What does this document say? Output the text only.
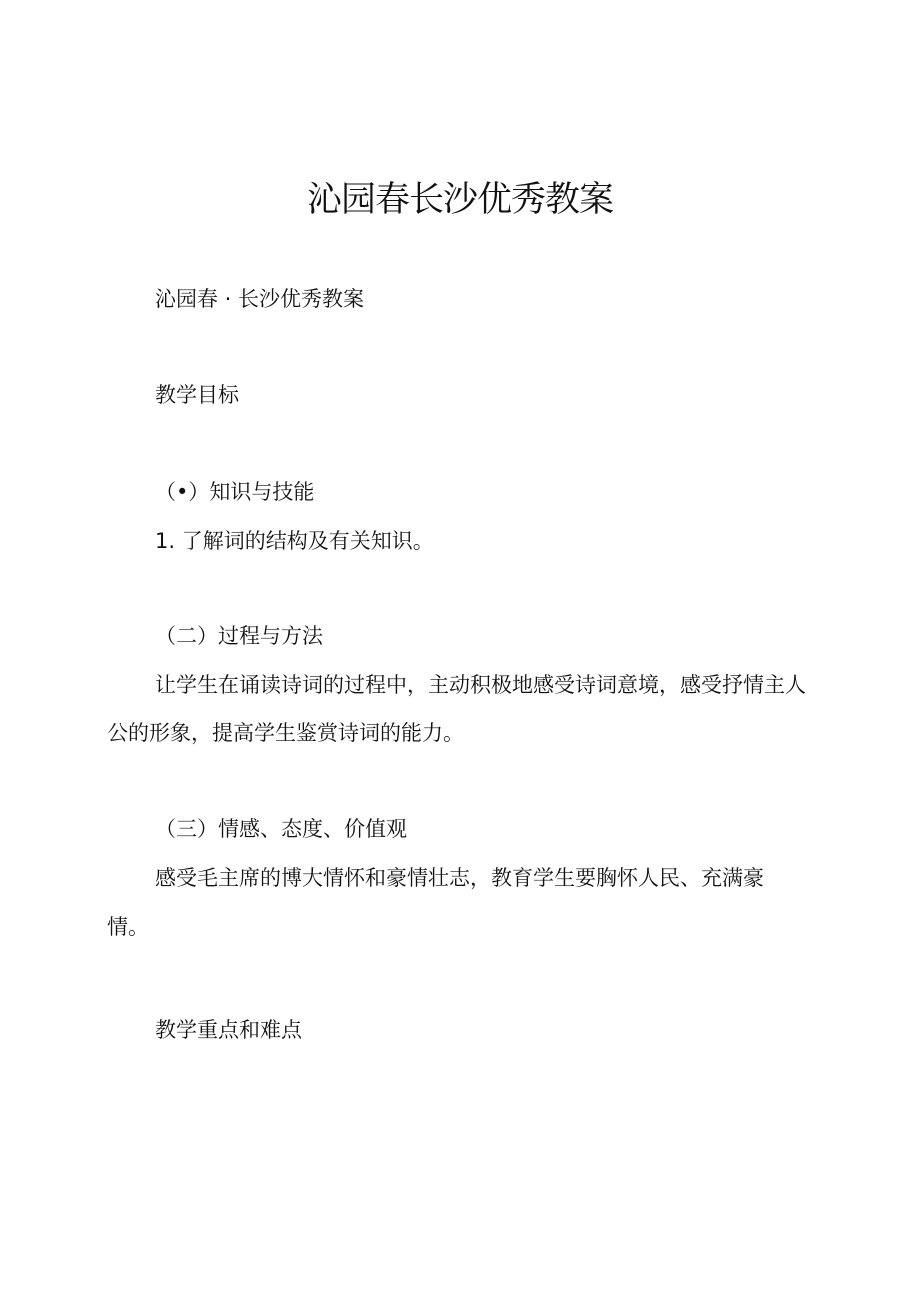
沁园春长沙优秀教案
沁园春 · 长沙优秀教案
教学目标
（•）知识与技能
1. 了解词的结构及有关知识。
（二）过程与方法
让学生在诵读诗词的过程中，主动积极地感受诗词意境，感受抒情主人
公的形象，提高学生鉴赏诗词的能力。
（三）情感、态度、价值观
感受毛主席的博大情怀和豪情壮志，教育学生要胸怀人民、充满豪
情。
教学重点和难点
